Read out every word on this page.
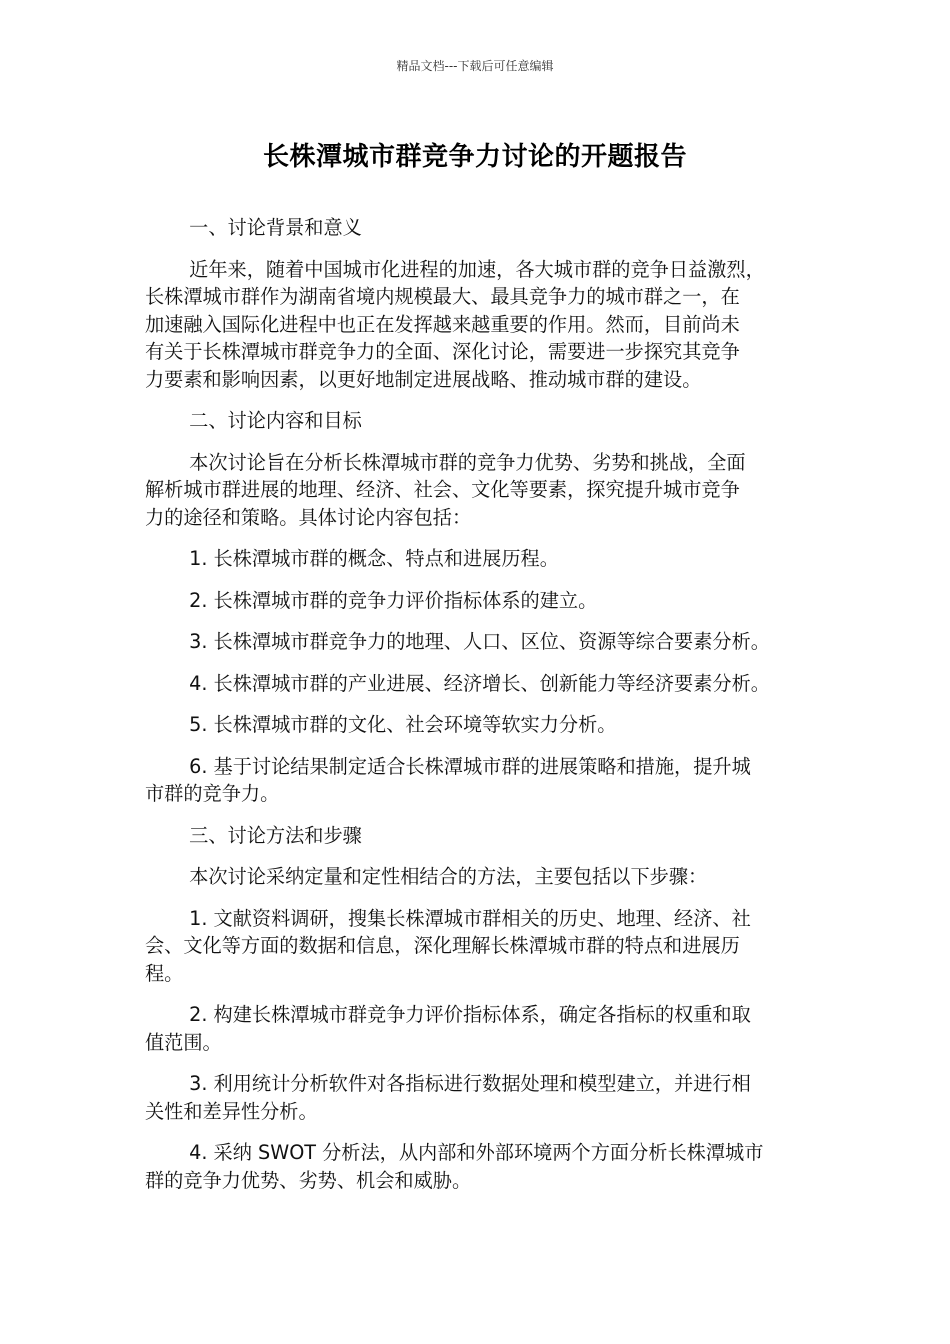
精品文档---下载后可任意编辑
长株潭城市群竞争力讨论的开题报告

一、讨论背景和意义

近年来，随着中国城市化进程的加速，各大城市群的竞争日益激烈，
长株潭城市群作为湖南省境内规模最大、最具竞争力的城市群之一，在
加速融入国际化进程中也正在发挥越来越重要的作用。然而，目前尚未
有关于长株潭城市群竞争力的全面、深化讨论，需要进一步探究其竞争
力要素和影响因素，以更好地制定进展战略、推动城市群的建设。

二、讨论内容和目标

本次讨论旨在分析长株潭城市群的竞争力优势、劣势和挑战，全面
解析城市群进展的地理、经济、社会、文化等要素，探究提升城市竞争
力的途径和策略。具体讨论内容包括：

1. 长株潭城市群的概念、特点和进展历程。

2. 长株潭城市群的竞争力评价指标体系的建立。

3. 长株潭城市群竞争力的地理、人口、区位、资源等综合要素分析。

4. 长株潭城市群的产业进展、经济增长、创新能力等经济要素分析。

5. 长株潭城市群的文化、社会环境等软实力分析。

6. 基于讨论结果制定适合长株潭城市群的进展策略和措施，提升城
市群的竞争力。

三、讨论方法和步骤

本次讨论采纳定量和定性相结合的方法，主要包括以下步骤：

1. 文献资料调研，搜集长株潭城市群相关的历史、地理、经济、社
会、文化等方面的数据和信息，深化理解长株潭城市群的特点和进展历
程。

2. 构建长株潭城市群竞争力评价指标体系，确定各指标的权重和取
值范围。

3. 利用统计分析软件对各指标进行数据处理和模型建立，并进行相
关性和差异性分析。

4. 采纳 SWOT 分析法，从内部和外部环境两个方面分析长株潭城市
群的竞争力优势、劣势、机会和威胁。
